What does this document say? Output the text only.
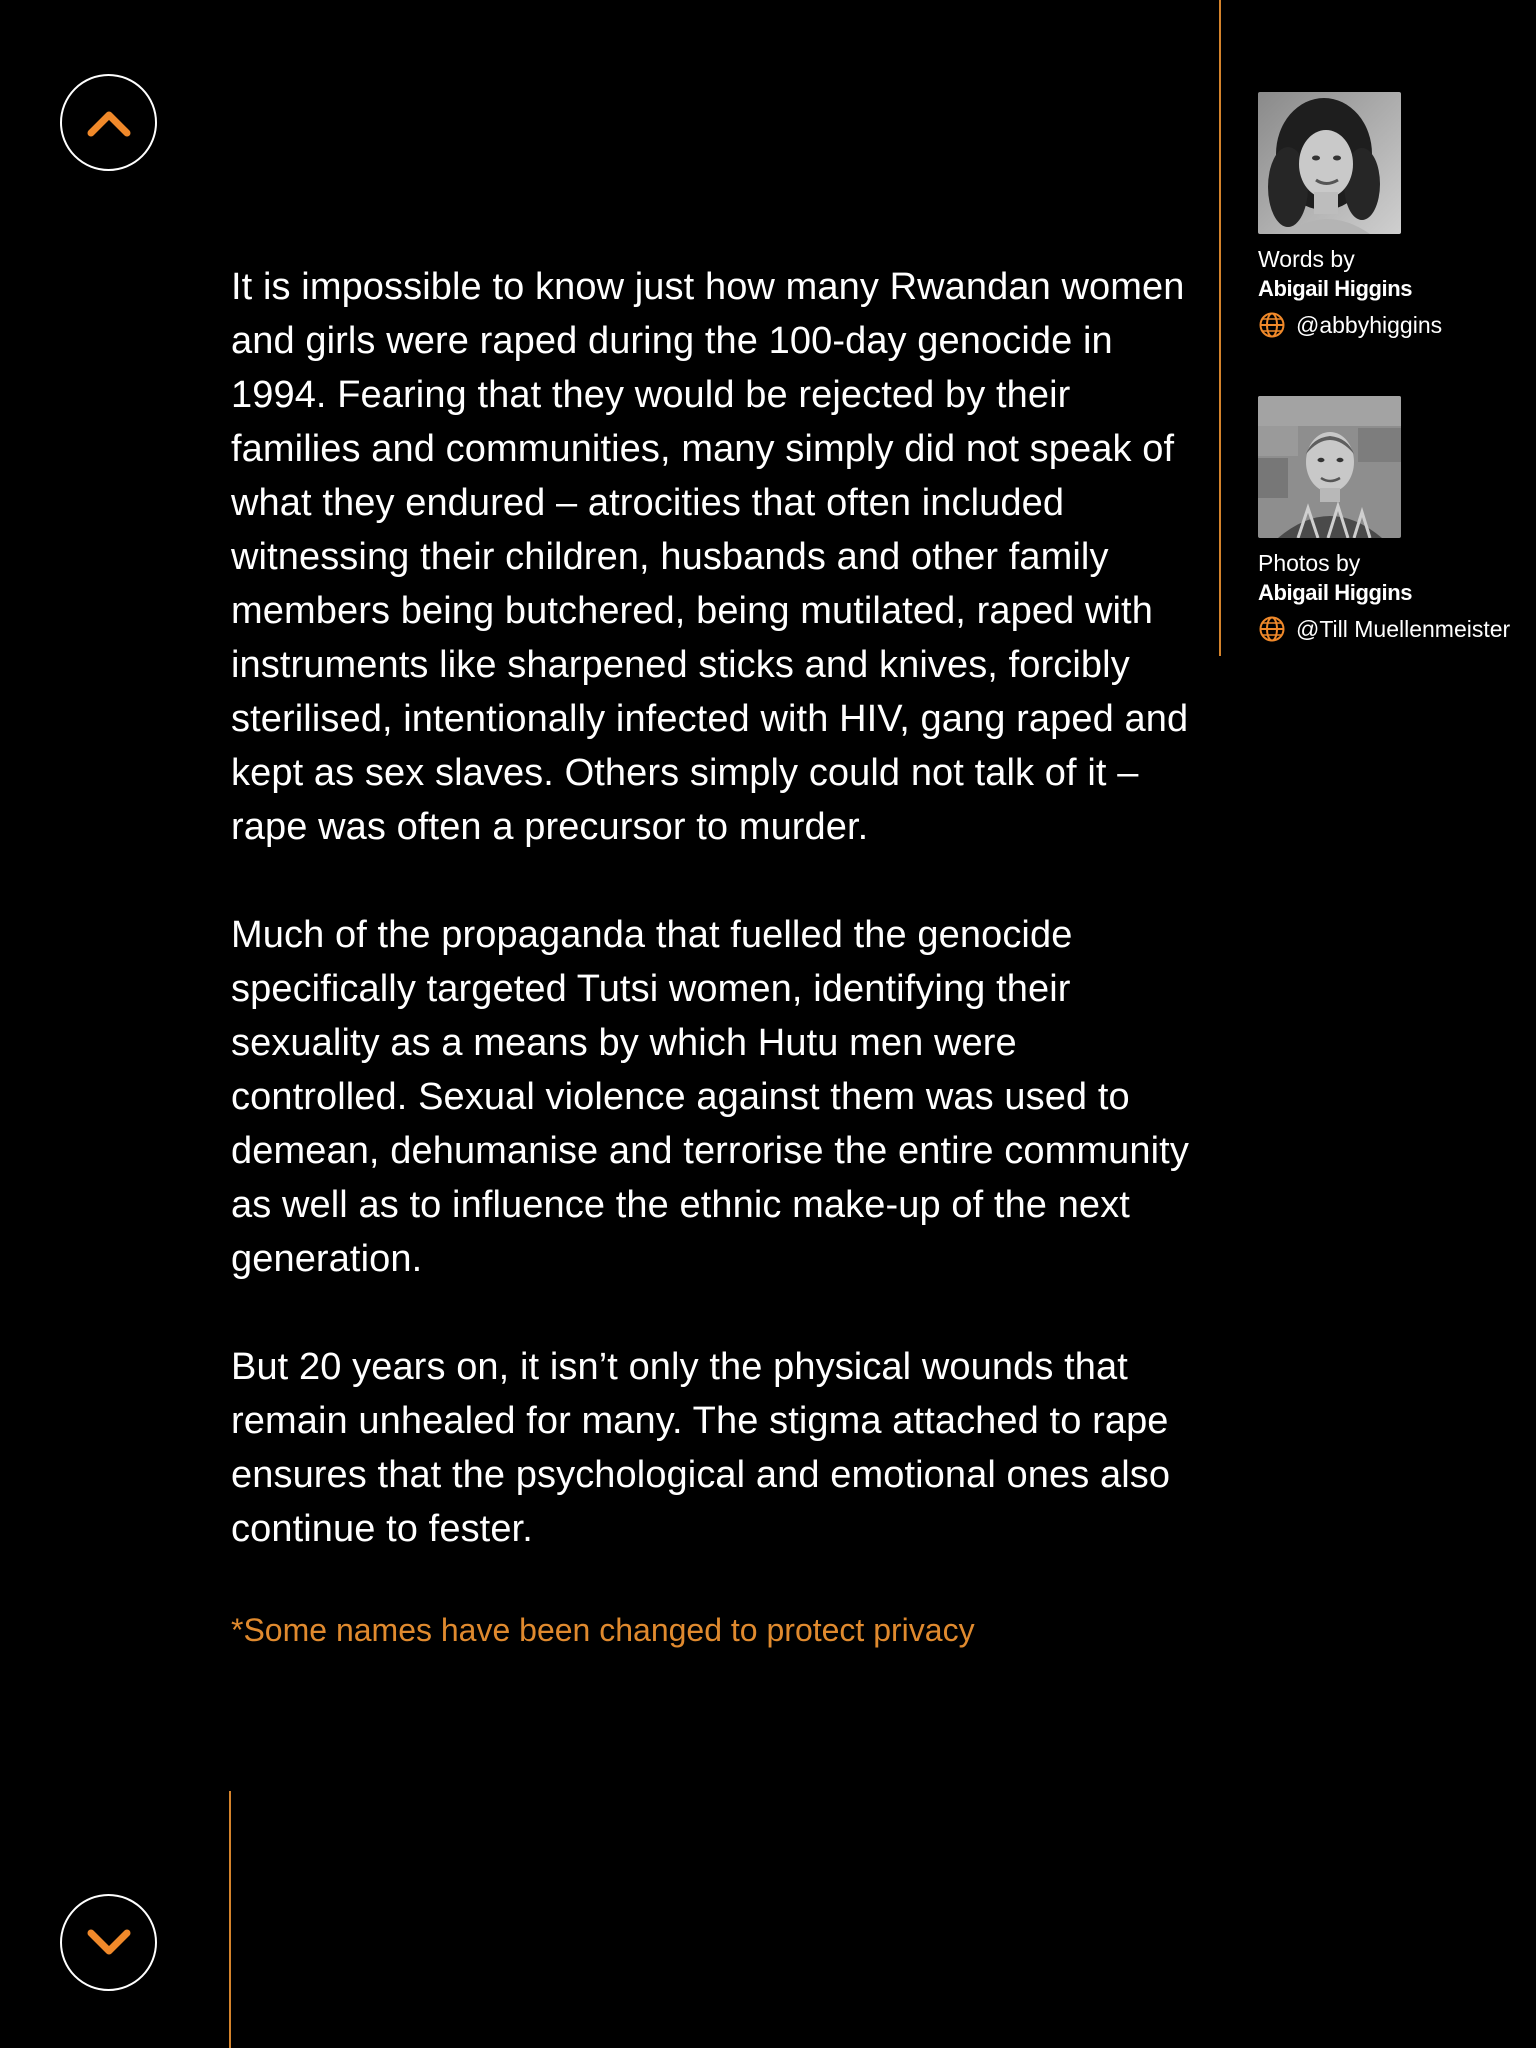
It is impossible to know just how many Rwandan women and girls were raped during the 100-day genocide in 1994. Fearing that they would be rejected by their families and communities, many simply did not speak of what they endured – atrocities that often included witnessing their children, husbands and other family members being butchered, being mutilated, raped with instruments like sharpened sticks and knives, forcibly sterilised, intentionally infected with HIV, gang raped and kept as sex slaves. Others simply could not talk of it – rape was often a precursor to murder.

Much of the propaganda that fuelled the genocide specifically targeted Tutsi women, identifying their sexuality as a means by which Hutu men were controlled. Sexual violence against them was used to demean, dehumanise and terrorise the entire community as well as to influence the ethnic make-up of the next generation.

But 20 years on, it isn’t only the physical wounds that remain unhealed for many. The stigma attached to rape ensures that the psychological and emotional ones also continue to fester.

*Some names have been changed to protect privacy
Words by
Abigail Higgins
@abbyhiggins
Photos by
Abigail Higgins
@Till Muellenmeister
